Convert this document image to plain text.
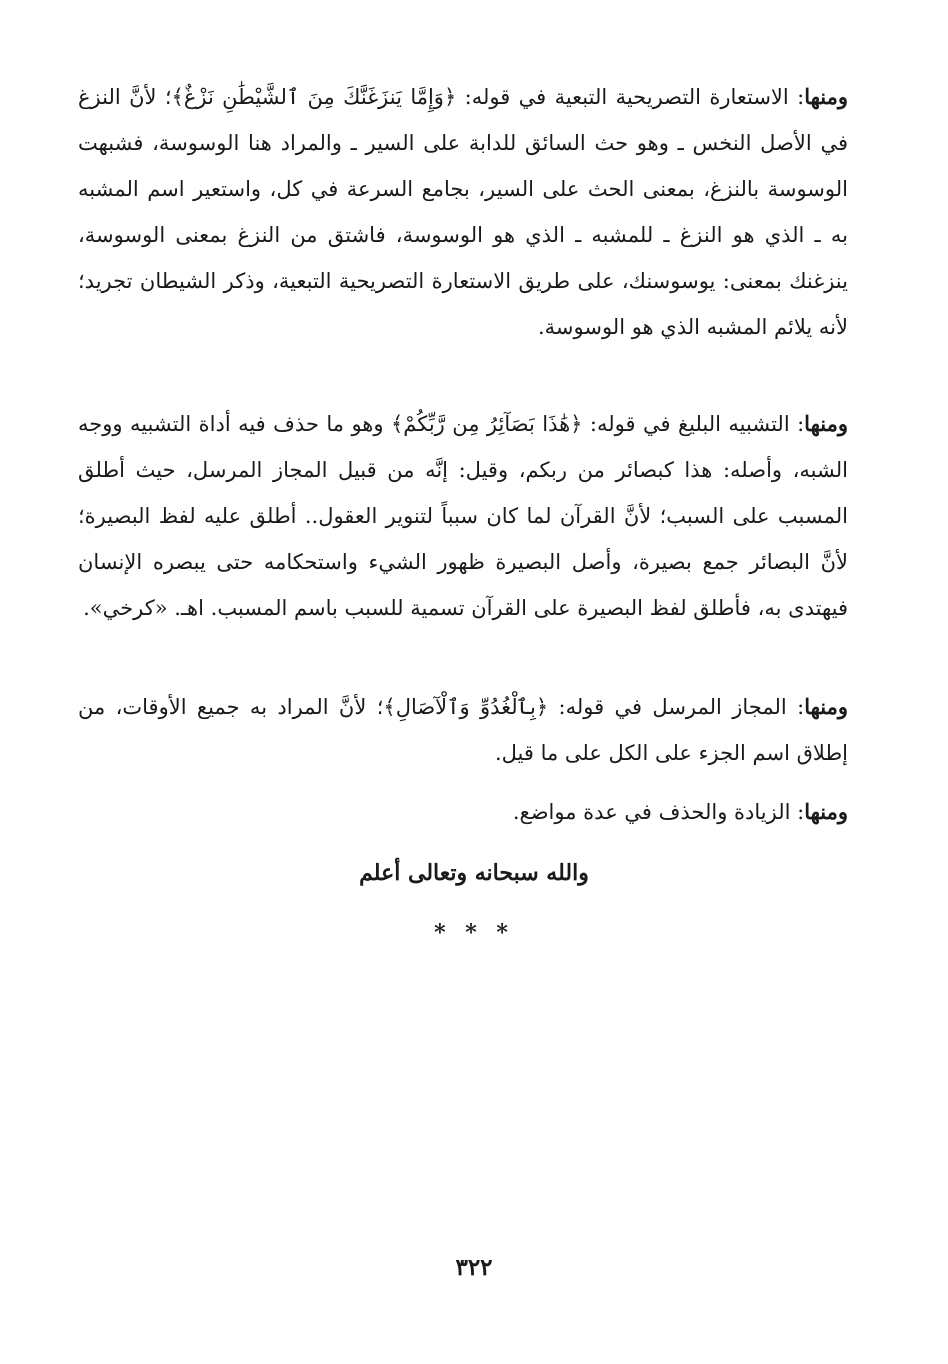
ومنها: الاستعارة التصريحية التبعية في قوله: ﴿وَإِمَّا يَنزَغَنَّكَ مِنَ ٱلشَّيْطَٰنِ نَزْغٌ﴾؛ لأنَّ النزغ في الأصل النخس ـ وهو حث السائق للدابة على السير ـ والمراد هنا الوسوسة، فشبهت الوسوسة بالنزغ، بمعنى الحث على السير، بجامع السرعة في كل، واستعير اسم المشبه به ـ الذي هو النزغ ـ للمشبه ـ الذي هو الوسوسة، فاشتق من النزغ بمعنى الوسوسة، ينزغنك بمعنى: يوسوسنك، على طريق الاستعارة التصريحية التبعية، وذكر الشيطان تجريد؛ لأنه يلائم المشبه الذي هو الوسوسة.

ومنها: التشبيه البليغ في قوله: ﴿هَٰذَا بَصَآئِرُ مِن رَّبِّكُمْ﴾ وهو ما حذف فيه أداة التشبيه ووجه الشبه، وأصله: هذا كبصائر من ربكم، وقيل: إنَّه من قبيل المجاز المرسل، حيث أطلق المسبب على السبب؛ لأنَّ القرآن لما كان سبباً لتنوير العقول.. أطلق عليه لفظ البصيرة؛ لأنَّ البصائر جمع بصيرة، وأصل البصيرة ظهور الشيء واستحكامه حتى يبصره الإنسان فيهتدى به، فأطلق لفظ البصيرة على القرآن تسمية للسبب باسم المسبب. اهـ. «كرخي».

ومنها: المجاز المرسل في قوله: ﴿بِٱلْغُدُوِّ وَٱلْآصَالِ﴾؛ لأنَّ المراد به جميع الأوقات، من إطلاق اسم الجزء على الكل على ما قيل.

ومنها: الزيادة والحذف في عدة مواضع.

والله سبحانه وتعالى أعلم
* * *
٣٢٢
